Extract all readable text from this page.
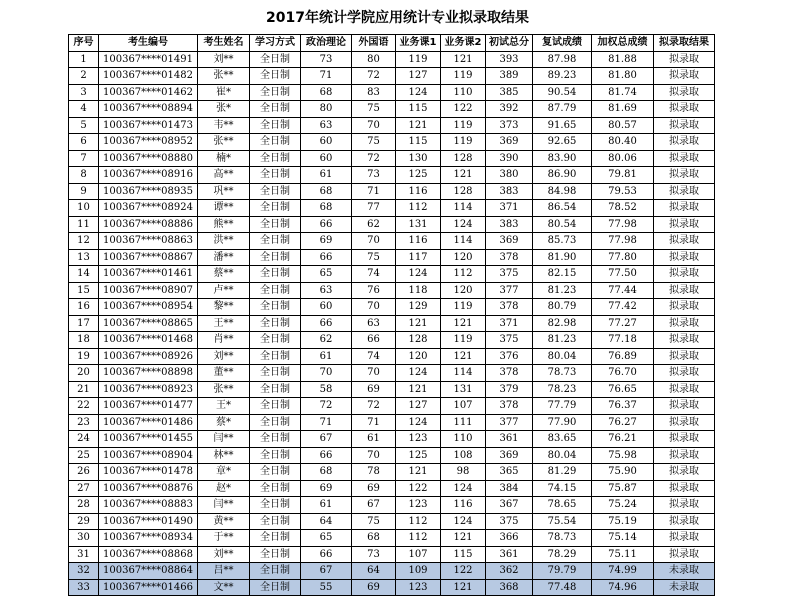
2017年统计学院应用统计专业拟录取结果
序号	考生编号	考生姓名	学习方式	政治理论	外国语	业务课1	业务课2	初试总分	复试成绩	加权总成绩	拟录取结果
1	100367****01491	刘**	全日制	73	80	119	121	393	87.98	81.88	拟录取
2	100367****01482	张**	全日制	71	72	127	119	389	89.23	81.80	拟录取
3	100367****01462	崔*	全日制	68	83	124	110	385	90.54	81.74	拟录取
4	100367****08894	张*	全日制	80	75	115	122	392	87.79	81.69	拟录取
5	100367****01473	韦**	全日制	63	70	121	119	373	91.65	80.57	拟录取
6	100367****08952	张**	全日制	60	75	115	119	369	92.65	80.40	拟录取
7	100367****08880	楠*	全日制	60	72	130	128	390	83.90	80.06	拟录取
8	100367****08916	高**	全日制	61	73	125	121	380	86.90	79.81	拟录取
9	100367****08935	巩**	全日制	68	71	116	128	383	84.98	79.53	拟录取
10	100367****08924	谭**	全日制	68	77	112	114	371	86.54	78.52	拟录取
11	100367****08886	熊**	全日制	66	62	131	124	383	80.54	77.98	拟录取
12	100367****08863	洪**	全日制	69	70	116	114	369	85.73	77.98	拟录取
13	100367****08867	潘**	全日制	66	75	117	120	378	81.90	77.80	拟录取
14	100367****01461	蔡**	全日制	65	74	124	112	375	82.15	77.50	拟录取
15	100367****08907	卢**	全日制	63	76	118	120	377	81.23	77.44	拟录取
16	100367****08954	黎**	全日制	60	70	129	119	378	80.79	77.42	拟录取
17	100367****08865	王**	全日制	66	63	121	121	371	82.98	77.27	拟录取
18	100367****01468	肖**	全日制	62	66	128	119	375	81.23	77.18	拟录取
19	100367****08926	刘**	全日制	61	74	120	121	376	80.04	76.89	拟录取
20	100367****08898	董**	全日制	70	70	124	114	378	78.73	76.70	拟录取
21	100367****08923	张**	全日制	58	69	121	131	379	78.23	76.65	拟录取
22	100367****01477	王*	全日制	72	72	127	107	378	77.79	76.37	拟录取
23	100367****01486	蔡*	全日制	71	71	124	111	377	77.90	76.27	拟录取
24	100367****01455	闫**	全日制	67	61	123	110	361	83.65	76.21	拟录取
25	100367****08904	林**	全日制	66	70	125	108	369	80.04	75.98	拟录取
26	100367****01478	章*	全日制	68	78	121	98	365	81.29	75.90	拟录取
27	100367****08876	赵*	全日制	69	69	122	124	384	74.15	75.87	拟录取
28	100367****08883	闫**	全日制	61	67	123	116	367	78.65	75.24	拟录取
29	100367****01490	黄**	全日制	64	75	112	124	375	75.54	75.19	拟录取
30	100367****08934	于**	全日制	65	68	112	121	366	78.73	75.14	拟录取
31	100367****08868	刘**	全日制	66	73	107	115	361	78.29	75.11	拟录取
32	100367****08864	吕**	全日制	67	64	109	122	362	79.79	74.99	未录取
33	100367****01466	文**	全日制	55	69	123	121	368	77.48	74.96	未录取
